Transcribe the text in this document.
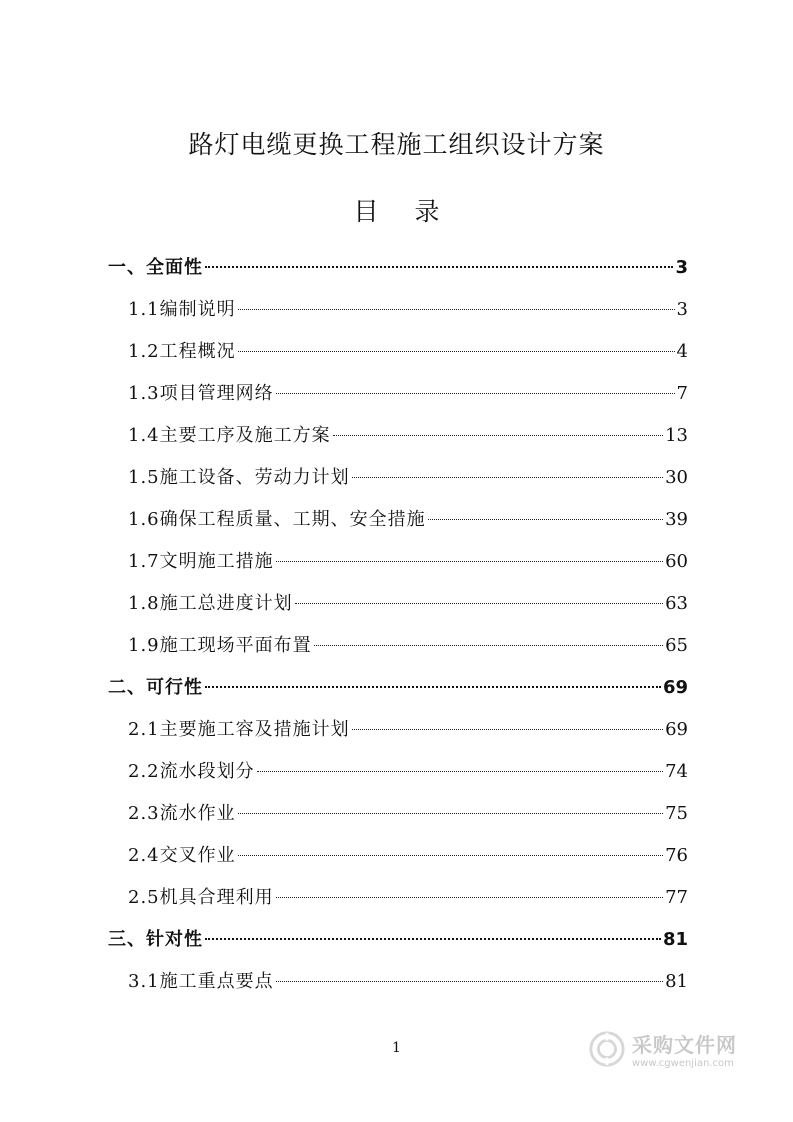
路灯电缆更换工程施工组织设计方案
目 录
一、全面性	3
1.1编制说明	3
1.2工程概况	4
1.3项目管理网络	7
1.4主要工序及施工方案	13
1.5施工设备、劳动力计划	30
1.6确保工程质量、工期、安全措施	39
1.7文明施工措施	60
1.8施工总进度计划	63
1.9施工现场平面布置	65
二、可行性	69
2.1主要施工容及措施计划	69
2.2流水段划分	74
2.3流水作业	75
2.4交叉作业	76
2.5机具合理利用	77
三、针对性	81
3.1施工重点要点	81
1	采购文件网
www.cgwenjian.com
